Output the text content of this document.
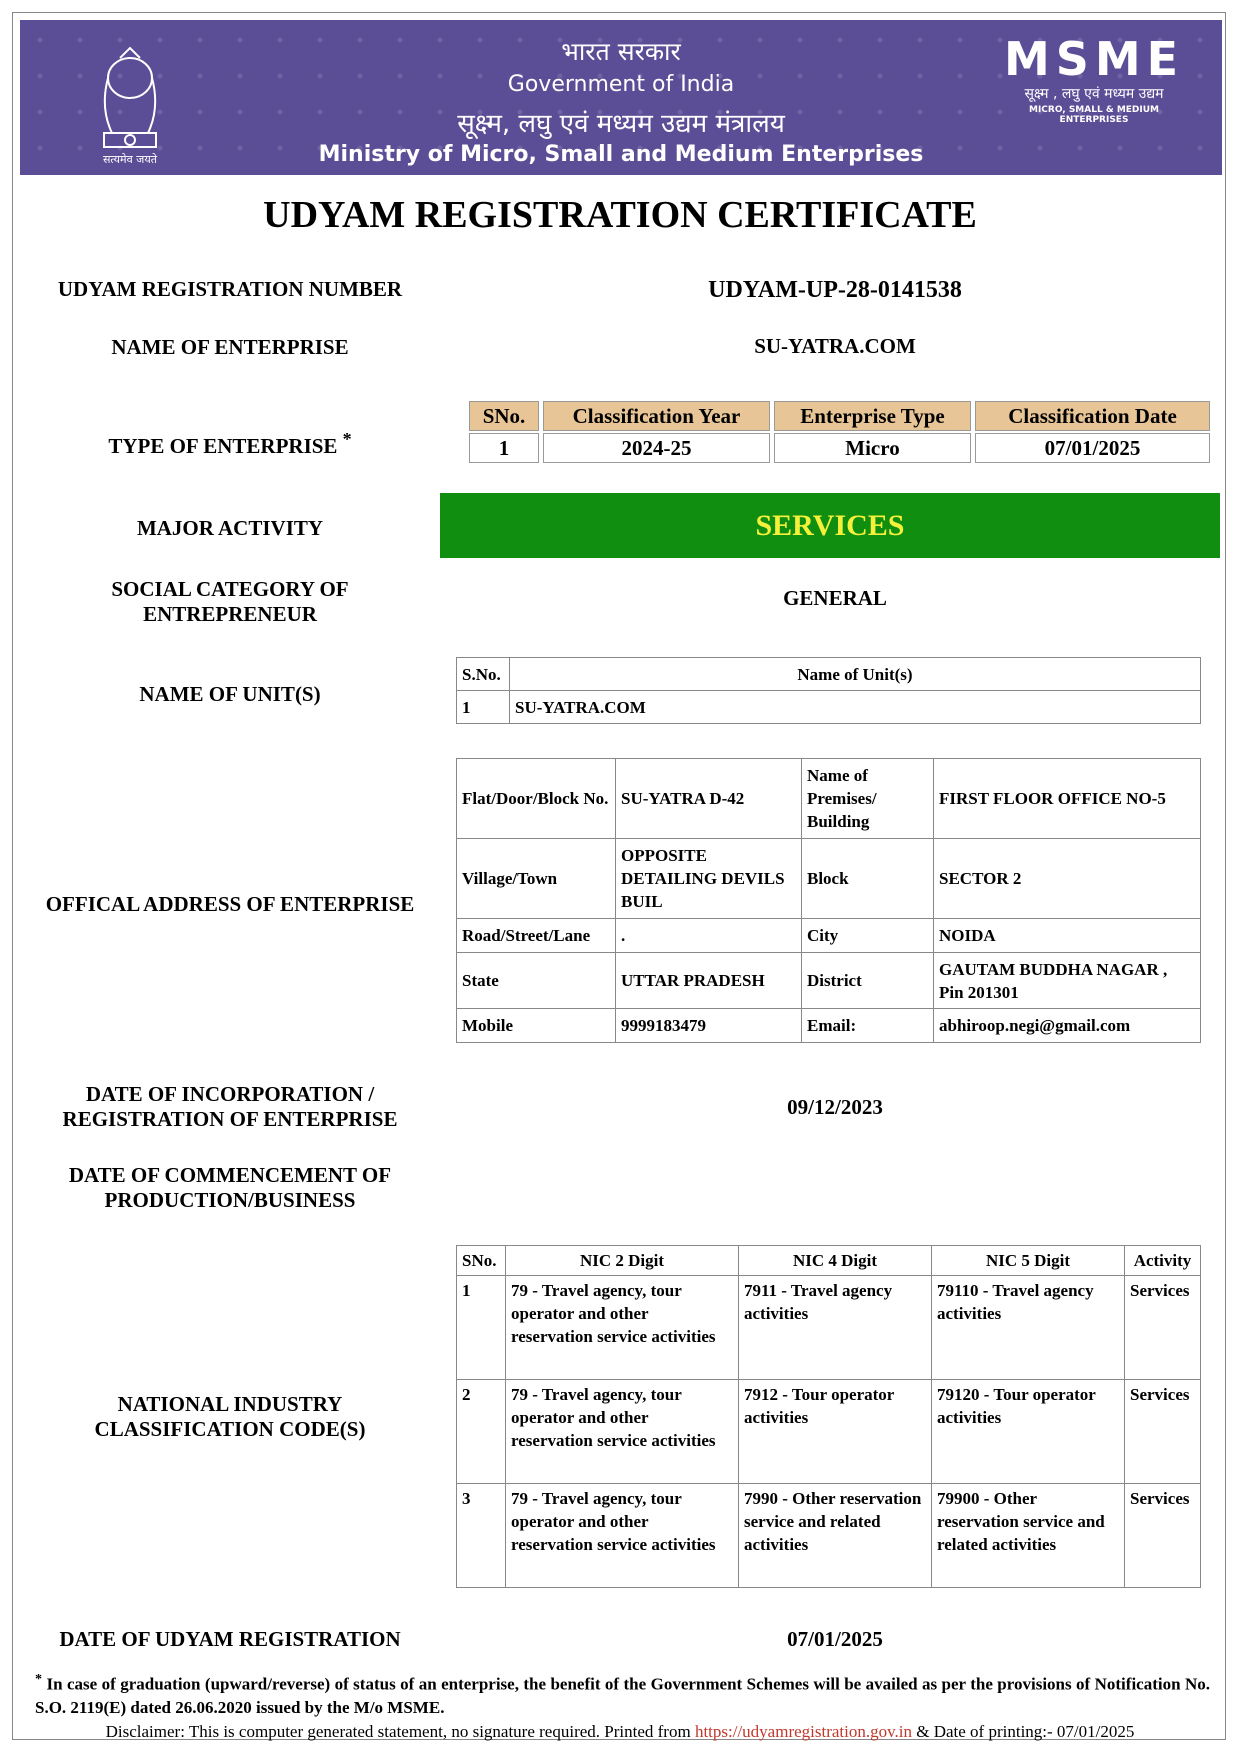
सत्यमेव जयते
भारत सरकार
Government of India
सूक्ष्म, लघु एवं मध्यम उद्यम मंत्रालय
Ministry of Micro, Small and Medium Enterprises
MSME
सूक्ष्म , लघु एवं मध्यम उद्यम
MICRO, SMALL & MEDIUM ENTERPRISES
UDYAM REGISTRATION CERTIFICATE
UDYAM REGISTRATION NUMBER	UDYAM-UP-28-0141538
NAME OF ENTERPRISE	SU-YATRA.COM
TYPE OF ENTERPRISE *
SNo.	Classification Year	Enterprise Type	Classification Date
1	2024-25	Micro	07/01/2025
MAJOR ACTIVITY	SERVICES
SOCIAL CATEGORY OF
ENTREPRENEUR
GENERAL
NAME OF UNIT(S)
S.No.	Name of Unit(s)
1	SU-YATRA.COM
OFFICAL ADDRESS OF ENTERPRISE
Flat/Door/Block No.	SU-YATRA D-42	Name of Premises/ Building	FIRST FLOOR OFFICE NO-5
Village/Town	OPPOSITE DETAILING DEVILS BUIL	Block	SECTOR 2
Road/Street/Lane	.	City	NOIDA
State	UTTAR PRADESH	District	GAUTAM BUDDHA NAGAR , Pin 201301
Mobile	9999183479	Email:	abhiroop.negi@gmail.com
DATE OF INCORPORATION /
REGISTRATION OF ENTERPRISE	09/12/2023
DATE OF COMMENCEMENT OF
PRODUCTION/BUSINESS
NATIONAL INDUSTRY
CLASSIFICATION CODE(S)
SNo.	NIC 2 Digit	NIC 4 Digit	NIC 5 Digit	Activity
1	79 - Travel agency, tour operator and other reservation service activities	7911 - Travel agency activities	79110 - Travel agency activities	Services
2	79 - Travel agency, tour operator and other reservation service activities	7912 - Tour operator activities	79120 - Tour operator activities	Services
3	79 - Travel agency, tour operator and other reservation service activities	7990 - Other reservation service and related activities	79900 - Other reservation service and related activities	Services
DATE OF UDYAM REGISTRATION	07/01/2025
* In case of graduation (upward/reverse) of status of an enterprise, the benefit of the Government Schemes will be availed as per the provisions of Notification No. S.O. 2119(E) dated 26.06.2020 issued by the M/o MSME.
Disclaimer: This is computer generated statement, no signature required. Printed from https://udyamregistration.gov.in & Date of printing:- 07/01/2025
